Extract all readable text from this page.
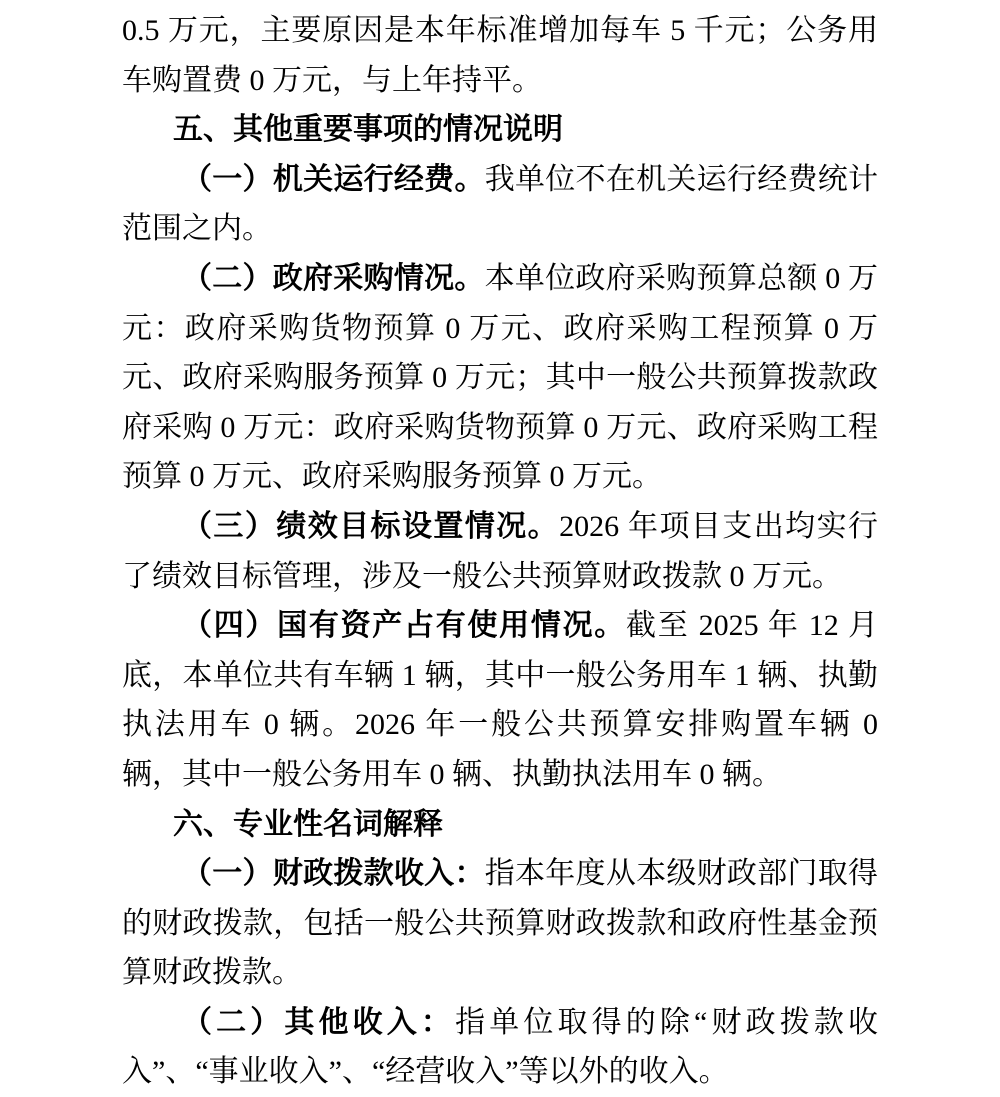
0.5 万元，主要原因是本年标准增加每车 5 千元；公务用车购置费 0 万元，与上年持平。

五、其他重要事项的情况说明

（一）机关运行经费。我单位不在机关运行经费统计范围之内。

（二）政府采购情况。本单位政府采购预算总额 0 万元：政府采购货物预算 0 万元、政府采购工程预算 0 万元、政府采购服务预算 0 万元；其中一般公共预算拨款政府采购 0 万元：政府采购货物预算 0 万元、政府采购工程预算 0 万元、政府采购服务预算 0 万元。

（三）绩效目标设置情况。2026 年项目支出均实行了绩效目标管理，涉及一般公共预算财政拨款 0 万元。

（四）国有资产占有使用情况。截至 2025 年 12 月底，本单位共有车辆 1 辆，其中一般公务用车 1 辆、执勤执法用车 0 辆。2026 年一般公共预算安排购置车辆 0 辆，其中一般公务用车 0 辆、执勤执法用车 0 辆。

六、专业性名词解释

（一）财政拨款收入：指本年度从本级财政部门取得的财政拨款，包括一般公共预算财政拨款和政府性基金预算财政拨款。

（二）其他收入：指单位取得的除“财政拨款收入”、“事业收入”、“经营收入”等以外的收入。
